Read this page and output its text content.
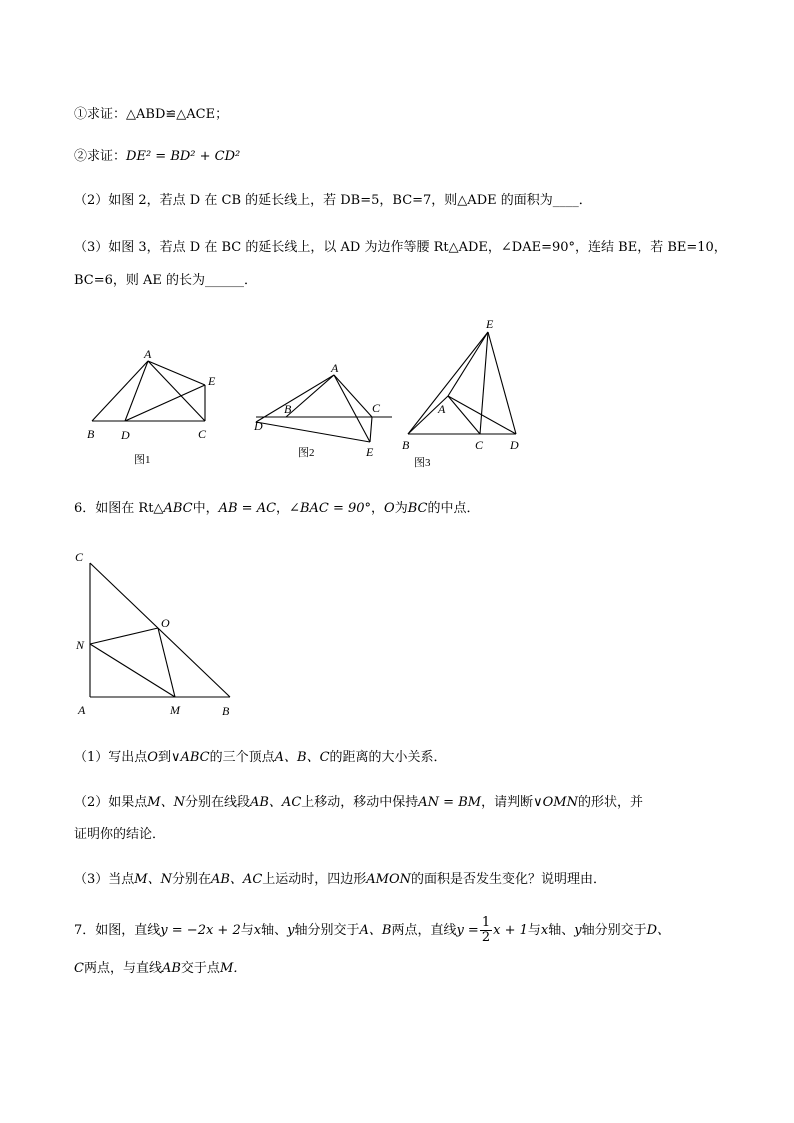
①求证：△ABD≌△ACE；
②求证：DE² = BD² + CD²
（2）如图 2，若点 D 在 CB 的延长线上，若 DB=5，BC=7，则△ADE 的面积为____．
（3）如图 3，若点 D 在 BC 的延长线上，以 AD 为边作等腰 Rt△ADE，∠DAE=90°，连结 BE，若 BE=10，
BC=6，则 AE 的长为______．
A
B D	C
E
图1
A
B	C
D
E
图2
E
A
B	C D
图3
6．如图在 Rt△ABC中，AB = AC，∠BAC = 90°，O为BC的中点．
C
N
O
A	M	B
（1）写出点O到∨ABC的三个顶点A、B、C的距离的大小关系．
（2）如果点M、N分别在线段AB、AC上移动，移动中保持AN = BM，请判断∨OMN的形状，并
证明你的结论．
（3）当点M、N分别在AB、AC上运动时，四边形AMON的面积是否发生变化？说明理由．
7．如图，直线y = −2x + 2与x轴、y轴分别交于A、B两点，直线$y = \frac{1}{2}$ x + 1与x轴、y轴分别交于D、
C两点，与直线AB交于点M．
